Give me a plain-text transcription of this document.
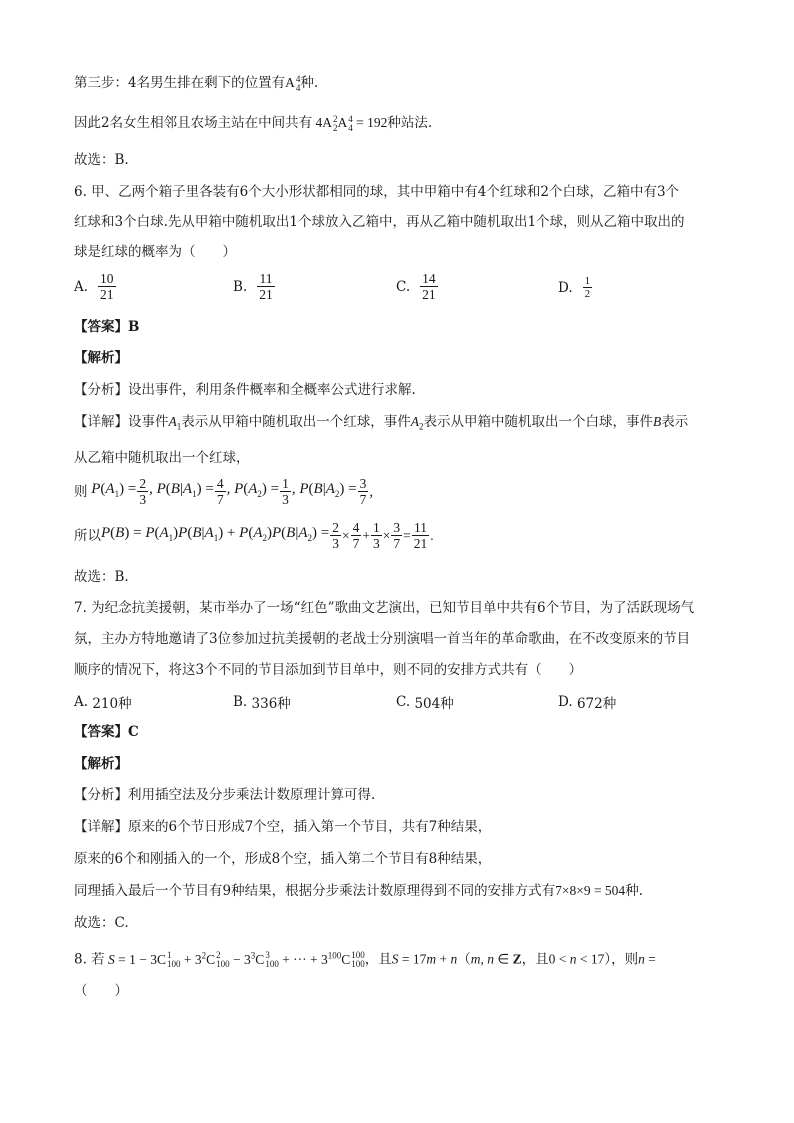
第三步：4名男生排在剩下的位置有A 4
4 种.
因此2名女生相邻且农场主站在中间共有 4A 2
2 A 4
4 = 192种站法.
故选：B.
6. 甲、乙两个箱子里各装有6个大小形状都相同的球，其中甲箱中有4个红球和2个白球，乙箱中有3个
红球和3个白球.先从甲箱中随机取出1个球放入乙箱中，再从乙箱中随机取出1个球，则从乙箱中取出的
球是红球的概率为（　　）
A. $\frac{10}{21}$	B. $\frac{11}{21}$	C. $\frac{14}{21}$	D. $\frac{1}{2}$
【答案】B
【解析】
【分析】设出事件，利用条件概率和全概率公式进行求解.
【详解】设事件$A_1$表示从甲箱中随机取出一个红球，事件$A_2$表示从甲箱中随机取出一个白球，事件B表示
从乙箱中随机取出一个红球，
则 $P(A_1) = \frac{2}{3}$ , $P(B|A_1) = \frac{4}{7}$ , $P(A_2) = \frac{1}{3}$ , $P(B|A_2) = \frac{3}{7}$ ,
所以 $P(B) = P(A_1)P(B|A_1) + P(A_2)P(B|A_2) = \frac{2}{3} \times \frac{4}{7} + \frac{1}{3} \times \frac{3}{7} = \frac{11}{21}$ .
故选：B.
7. 为纪念抗美援朝，某市举办了一场“红色”歌曲文艺演出，已知节目单中共有6个节目，为了活跃现场气
氛，主办方特地邀请了3位参加过抗美援朝的老战士分别演唱一首当年的革命歌曲，在不改变原来的节目
顺序的情况下，将这3个不同的节目添加到节目单中，则不同的安排方式共有（　　）
A.
210种	B.
336种	C.
504种	D.
672种
【答案】C
【解析】
【分析】利用插空法及分步乘法计数原理计算可得.
【详解】原来的6个节日形成7个空，插入第一个节目，共有7种结果，
原来的6个和刚插入的一个，形成8个空，插入第二个节目有8种结果，
同理插入最后一个节目有9种结果，根据分步乘法计数原理得到不同的安排方式有7×8×9 = 504种.
故选：C.
8. 若 S = 1 − 3C 1
$100 + 3^2C$ 2
$100 - 3^3C$ 3
100 + ··· + $3^{100}C$ 100
100 ，且S = 17m + n（m, n ∈ Z，且0 < n < 17），则n =
（　　）
